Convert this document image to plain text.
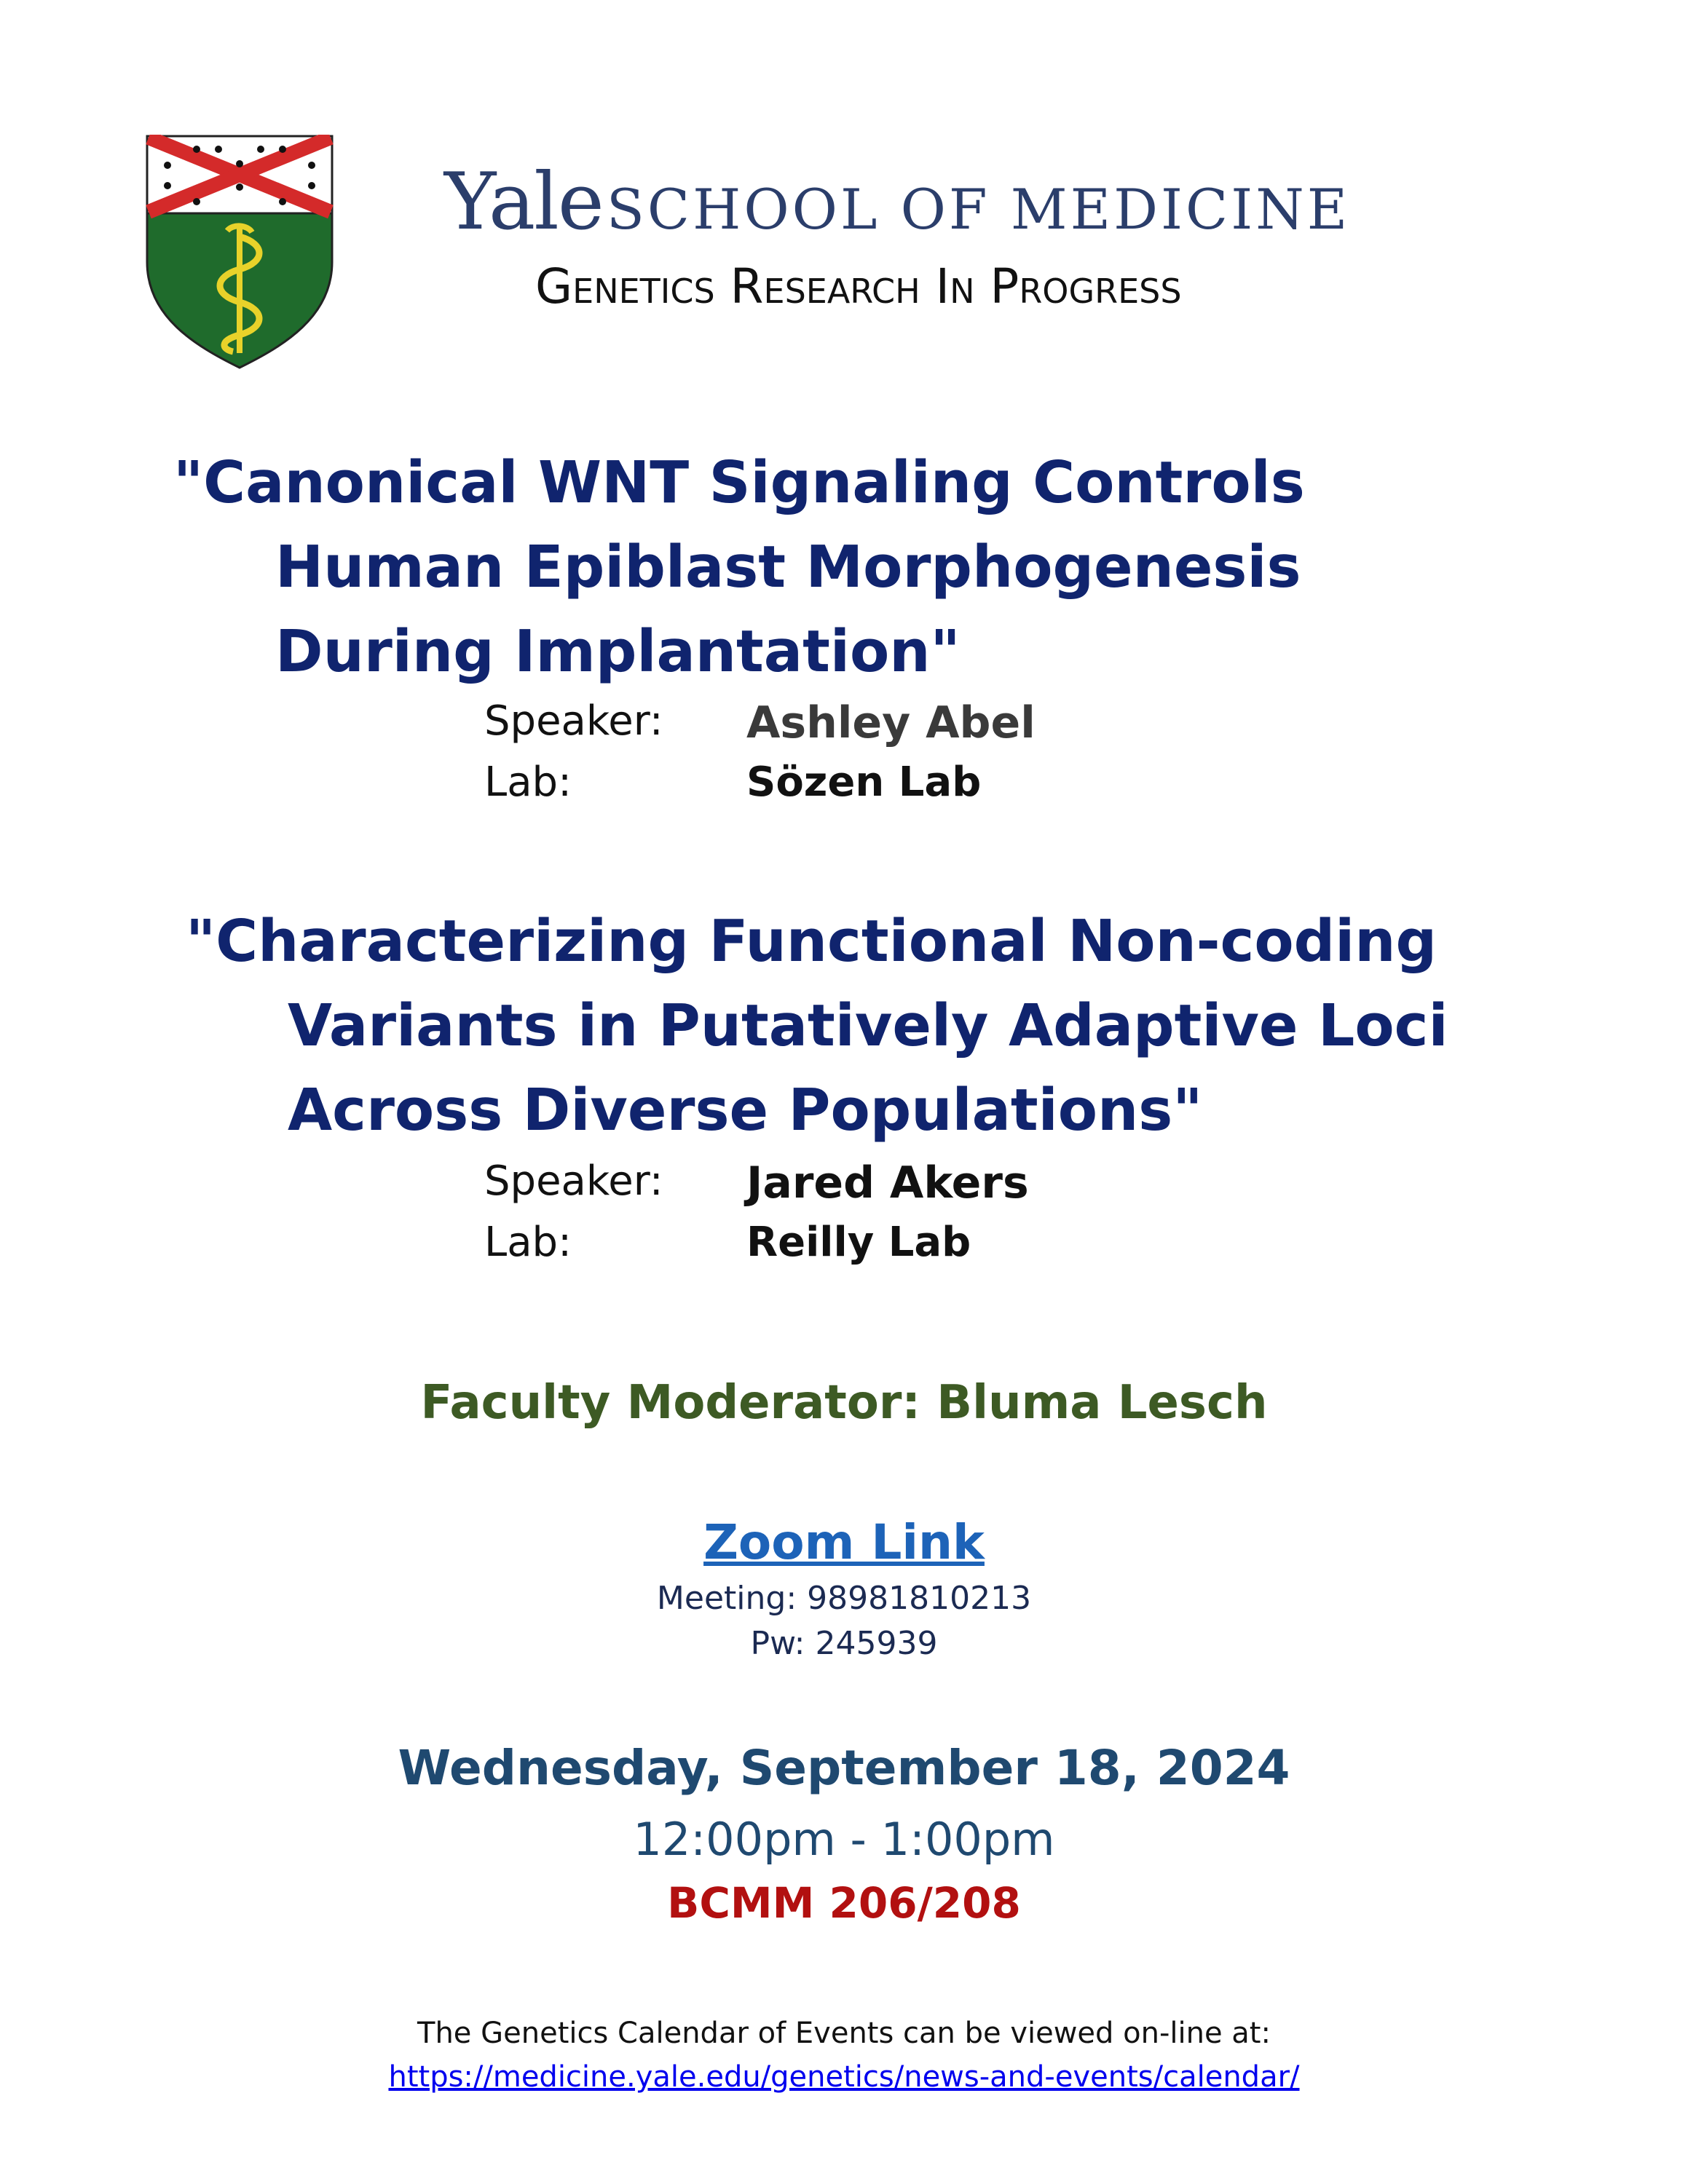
Yale SCHOOL OF MEDICINE
Genetics Research In Progress
"Canonical WNT Signaling Controls
Human Epiblast Morphogenesis
During Implantation"
Speaker: Ashley Abel
Lab:	Sözen Lab
"Characterizing Functional Non-coding
Variants in Putatively Adaptive Loci
Across Diverse Populations"
Speaker: Jared Akers
Lab:	Reilly Lab
Faculty Moderator: Bluma Lesch
Zoom Link
Meeting: 98981810213
Pw: 245939
Wednesday, September 18, 2024
12:00pm - 1:00pm
BCMM 206/208
The Genetics Calendar of Events can be viewed on-line at:
https://medicine.yale.edu/genetics/news-and-events/calendar/
